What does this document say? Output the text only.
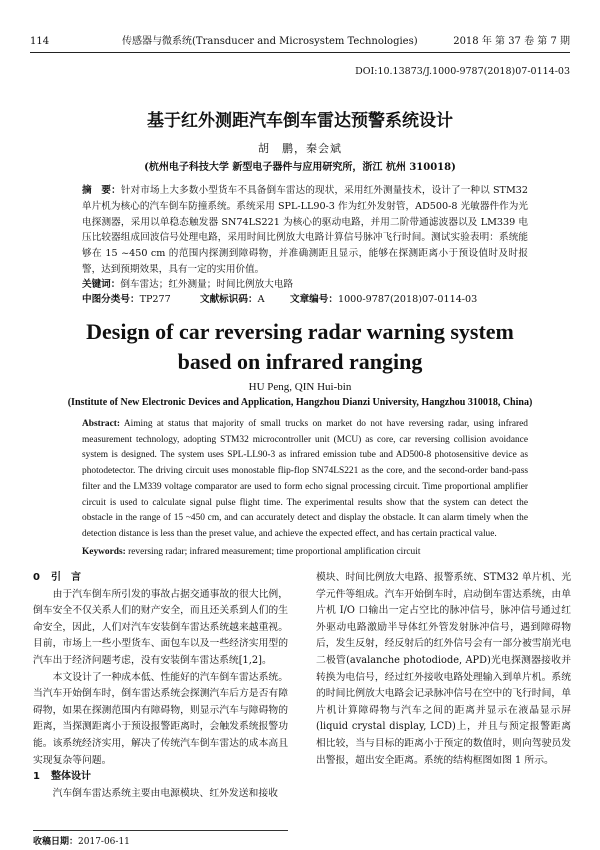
114	传感器与微系统(Transducer and Microsystem Technologies)	2018 年 第 37 卷 第 7 期
DOI:10.13873/J.1000-9787(2018)07-0114-03
基于红外测距汽车倒车雷达预警系统设计
胡　鹏，秦会斌
(杭州电子科技大学 新型电子器件与应用研究所，浙江 杭州 310018)
摘　要：针对市场上大多数小型货车不具备倒车雷达的现状，采用红外测量技术，设计了一种以 STM32 单片机为核心的汽车倒车防撞系统。系统采用 SPL-LL90-3 作为红外发射管，AD500-8 光敏器件作为光电探测器，采用以单稳态触发器 SN74LS221 为核心的驱动电路，并用二阶带通滤波器以及 LM339 电压比较器组成回波信号处理电路，采用时间比例放大电路计算信号脉冲飞行时间。测试实验表明：系统能够在 15 ~450 cm 的范围内探测到障碍物，并准确测距且显示，能够在探测距离小于预设值时及时报警，达到预期效果，具有一定的实用价值。
关键词：倒车雷达；红外测量；时间比例放大电路
中图分类号：TP277	文献标识码：A	文章编号：1000-9787(2018)07-0114-03
Design of car reversing radar warning system
based on infrared ranging
HU Peng, QIN Hui-bin
(Institute of New Electronic Devices and Application, Hangzhou Dianzi University, Hangzhou 310018, China)
Abstract: Aiming at status that majority of small trucks on market do not have reversing radar, using infrared measurement technology, adopting STM32 microcontroller unit (MCU) as core, car reversing collision avoidance system is designed. The system uses SPL-LL90-3 as infrared emission tube and AD500-8 photosensitive device as photodetector. The driving circuit uses monostable flip-flop SN74LS221 as the core, and the second-order band-pass filter and the LM339 voltage comparator are used to form echo signal processing circuit. Time proportional amplifier circuit is used to calculate signal pulse flight time. The experimental results show that the system can detect the obstacle in the range of 15 ~450 cm, and can accurately detect and display the obstacle. It can alarm timely when the detection distance is less than the preset value, and achieve the expected effect, and has certain practical value.
Keywords: reversing radar; infrared measurement; time proportional amplification circuit
0 引　言

由于汽车倒车所引发的事故占据交通事故的很大比例，倒车安全不仅关系人们的财产安全，而且还关系到人们的生命安全，因此，人们对汽车安装倒车雷达系统越来越重视。目前，市场上一些小型货车、面包车以及一些经济实用型的汽车出于经济问题考虑，没有安装倒车雷达系统[1,2]。

本文设计了一种成本低、性能好的汽车倒车雷达系统。当汽车开始倒车时，倒车雷达系统会探测汽车后方是否有障碍物，如果在探测范围内有障碍物，则显示汽车与障碍物的距离，当探测距离小于预设报警距离时，会触发系统报警功能。该系统经济实用，解决了传统汽车倒车雷达的成本高且实现复杂等问题。

1 整体设计

汽车倒车雷达系统主要由电源模块、红外发送和接收

模块、时间比例放大电路、报警系统、STM32 单片机、光学元件等组成。汽车开始倒车时，启动倒车雷达系统，由单片机 I/O 口输出一定占空比的脉冲信号，脉冲信号通过红外驱动电路激励半导体红外管发射脉冲信号，遇到障碍物后，发生反射，经反射后的红外信号会有一部分被雪崩光电二极管(avalanche photodiode, APD)光电探测器接收并转换为电信号，经过红外接收电路处理输入到单片机。系统的时间比例放大电路会记录脉冲信号在空中的飞行时间，单片机计算障碍物与汽车之间的距离并显示在液晶显示屏(liquid crystal display, LCD)上，并且与预定报警距离相比较，当与目标的距离小于预定的数值时，则向驾驶员发出警报，超出安全距离。系统的结构框图如图 1 所示。

收稿日期：2017-06-11
